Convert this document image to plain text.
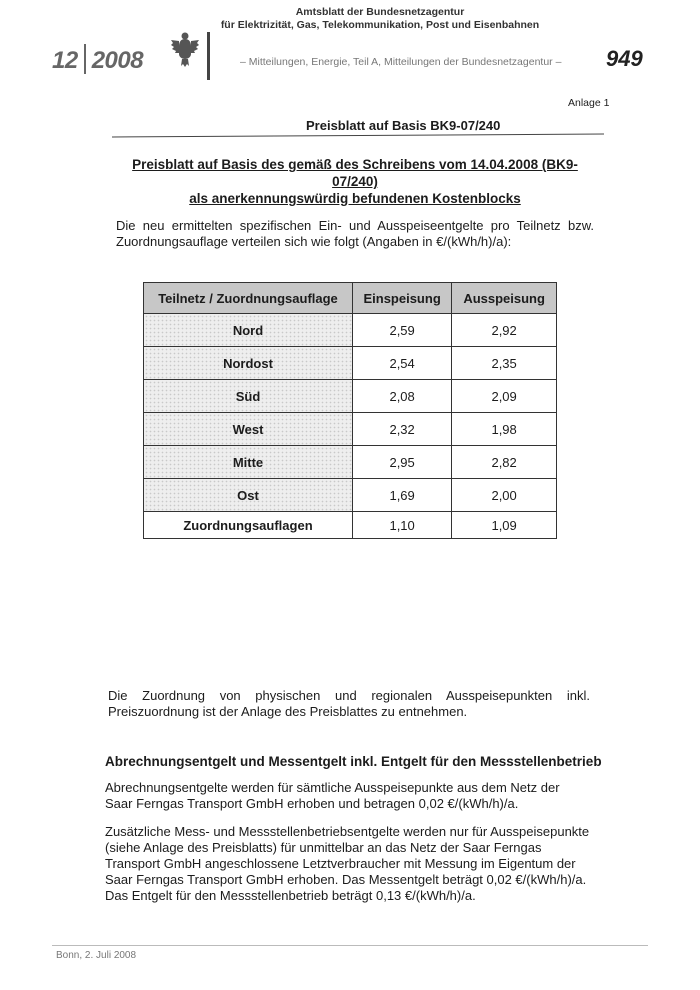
12 2008
Amtsblatt der Bundesnetzagentur
für Elektrizität, Gas, Telekommunikation, Post und Eisenbahnen
– Mitteilungen, Energie, Teil A, Mitteilungen der Bundesnetzagentur – 949
Anlage 1
Preisblatt auf Basis BK9-07/240
Preisblatt auf Basis des gemäß des Schreibens vom 14.04.2008 (BK9-07/240)
als anerkennungswürdig befundenen Kostenblocks
Die neu ermittelten spezifischen Ein- und Ausspeiseentgelte pro Teilnetz bzw. Zuordnungsauflage verteilen sich wie folgt (Angaben in €/(kWh/h)/a):
Teilnetz / Zuordnungsauflage	Einspeisung	Ausspeisung
Nord	2,59	2,92
Nordost	2,54	2,35
Süd	2,08	2,09
West	2,32	1,98
Mitte	2,95	2,82
Ost	1,69	2,00
Zuordnungsauflagen	1,10	1,09
Die Zuordnung von physischen und regionalen Ausspeisepunkten inkl. Preiszuordnung ist der Anlage des Preisblattes zu entnehmen.
Abrechnungsentgelt und Messentgelt inkl. Entgelt für den Messstellenbetrieb
Abrechnungsentgelte werden für sämtliche Ausspeisepunkte aus dem Netz der Saar Ferngas Transport GmbH erhoben und betragen 0,02 €/(kWh/h)/a.
Zusätzliche Mess- und Messstellenbetriebsentgelte werden nur für Ausspeisepunkte (siehe Anlage des Preisblatts) für unmittelbar an das Netz der Saar Ferngas Transport GmbH angeschlossene Letztverbraucher mit Messung im Eigentum der Saar Ferngas Transport GmbH erhoben. Das Messentgelt beträgt 0,02 €/(kWh/h)/a. Das Entgelt für den Messstellenbetrieb beträgt 0,13 €/(kWh/h)/a.
Bonn, 2. Juli 2008
